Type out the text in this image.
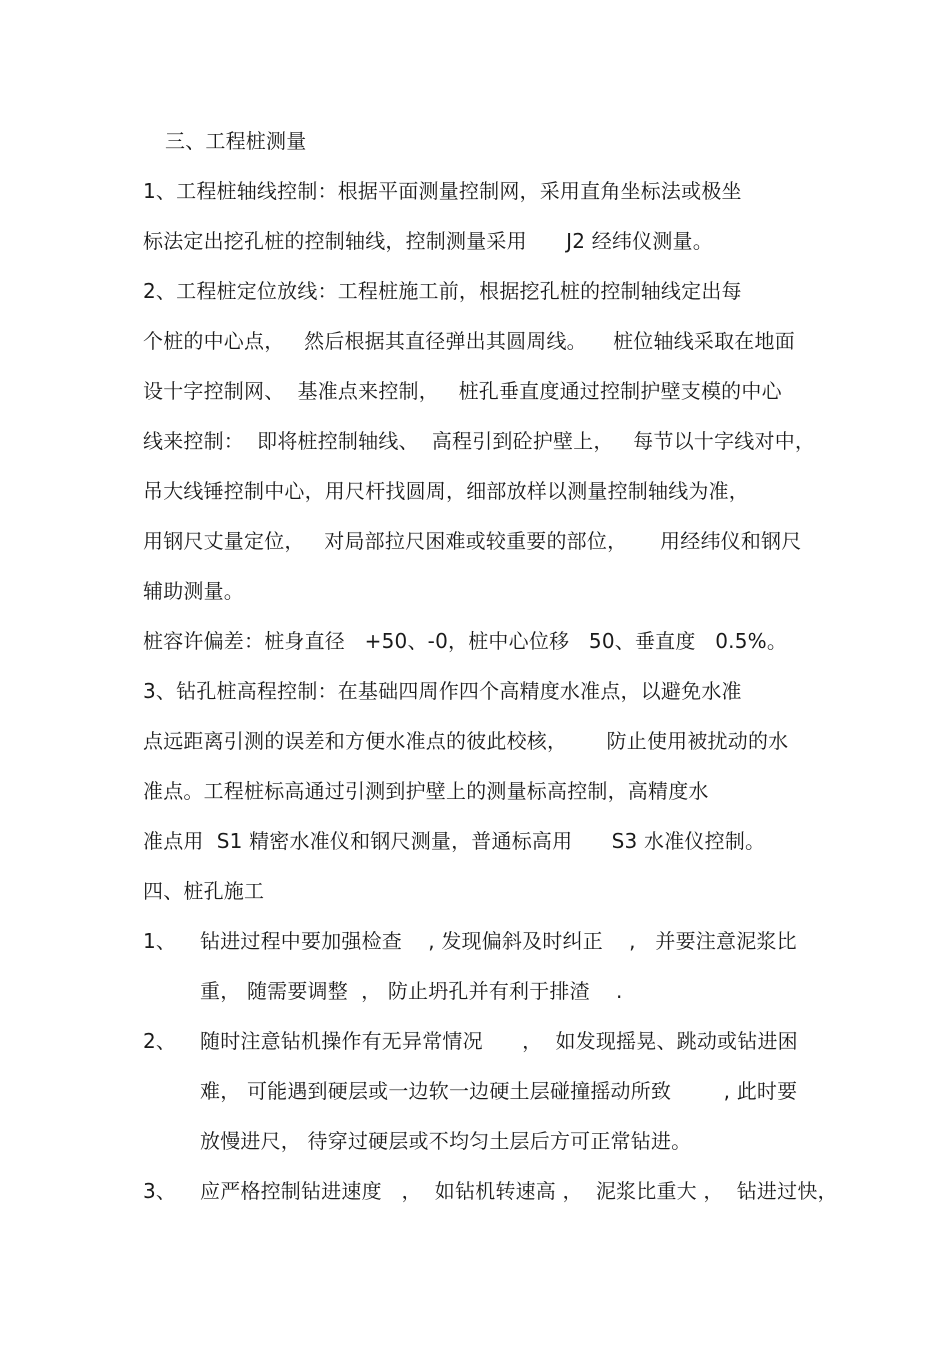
三、工程桩测量
1、工程桩轴线控制：根据平面测量控制网，采用直角坐标法或极坐
标法定出挖孔桩的控制轴线，控制测量采用      J2 经纬仪测量。
2、工程桩定位放线：工程桩施工前，根据挖孔桩的控制轴线定出每
个桩的中心点，   然后根据其直径弹出其圆周线。    桩位轴线采取在地面
设十字控制网、  基准点来控制，   桩孔垂直度通过控制护壁支模的中心
线来控制：  即将桩控制轴线、  高程引到砼护壁上，   每节以十字线对中，
吊大线锤控制中心，用尺杆找圆周，细部放样以测量控制轴线为准，
用钢尺丈量定位，   对局部拉尺困难或较重要的部位，     用经纬仪和钢尺
辅助测量。
桩容许偏差：桩身直径   +50、-0，桩中心位移   50、垂直度   0.5%。
3、钻孔桩高程控制：在基础四周作四个高精度水准点，以避免水准
点远距离引测的误差和方便水准点的彼此校核，      防止使用被扰动的水
准点。工程桩标高通过引测到护壁上的测量标高控制，高精度水
准点用  S1 精密水准仪和钢尺测量，普通标高用      S3 水准仪控制。
四、桩孔施工
1、 钻进过程中要加强检查    , 发现偏斜及时纠正    ,   并要注意泥浆比
重， 随需要调整  ， 防止坍孔并有利于排渣    .
2、 随时注意钻机操作有无异常情况      ，  如发现摇晃、跳动或钻进困
难， 可能遇到硬层或一边软一边硬土层碰撞摇动所致        , 此时要
放慢进尺， 待穿过硬层或不均匀土层后方可正常钻进。
3、 应严格控制钻进速度   ，  如钻机转速高 ，  泥浆比重大 ，  钻进过快，
